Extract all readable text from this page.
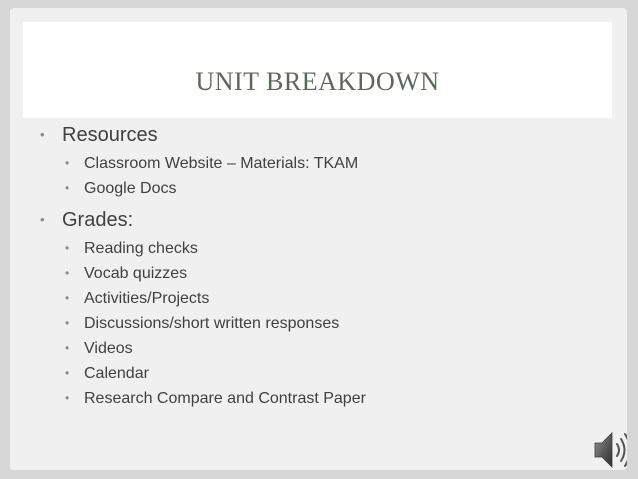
UNIT BREAKDOWN
• Resources
• Classroom Website – Materials: TKAM
• Google Docs
• Grades:
• Reading checks
• Vocab quizzes
• Activities/Projects
• Discussions/short written responses
• Videos
• Calendar
• Research Compare and Contrast Paper
